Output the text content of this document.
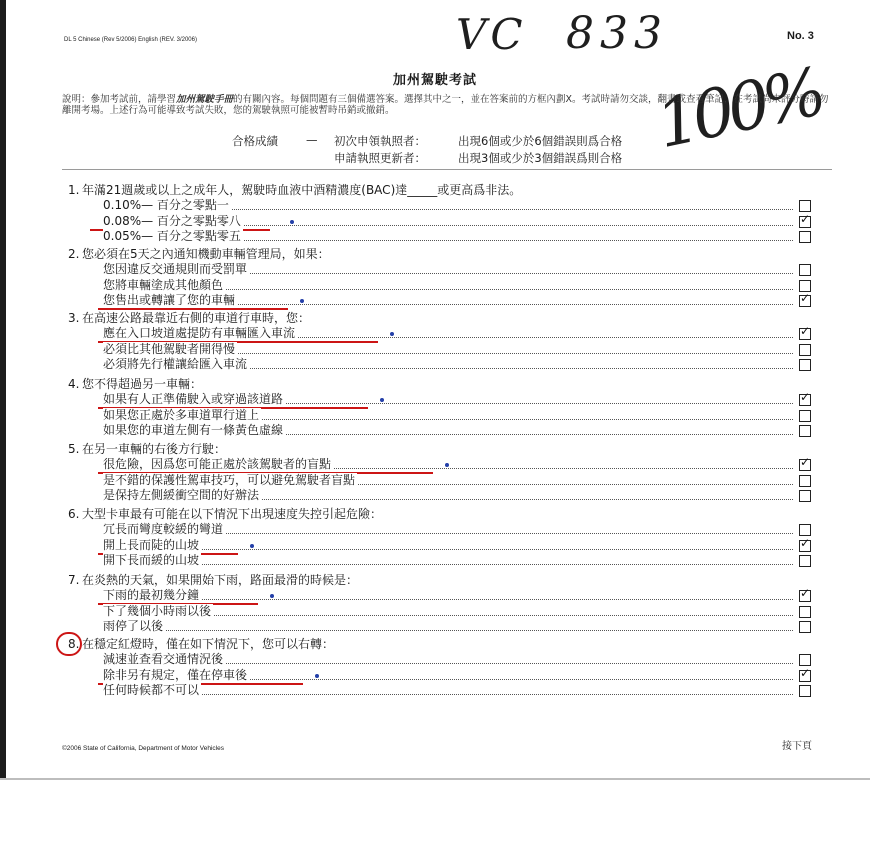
DL 5 Chinese (Rev 5/2006) English (REV. 3/2006)	No. 3
VC 833
100%
加州駕駛考試
說明：參加考試前，請學習加州駕駛手冊的有關內容。每個問題有三個備選答案。選擇其中之一，並在答案前的方框內劃X。考試時請勿交談，翻書或查看筆記，在考試尚未評分時請勿離開考場。上述行為可能導致考試失敗，您的駕駛執照可能被暫時吊銷或撤銷。
合格成績 — 初次申領執照者：	出現6個或少於6個錯誤則爲合格
申請執照更新者：	出現3個或少於3個錯誤爲則合格
1. 年滿21週歲或以上之成年人，駕駛時血液中酒精濃度(BAC)達_____或更高爲非法。
0.10%— 百分之零點一
0.08%— 百分之零點零八
✓
0.05%— 百分之零點零五
2. 您必須在5天之內通知機動車輛管理局，如果：
您因違反交通規則而受罰單
您將車輛塗成其他顏色
您售出或轉讓了您的車輛
✓
3. 在高速公路最靠近右側的車道行車時，您：
應在入口坡道處提防有車輛匯入車流
✓
必須比其他駕駛者開得慢
必須將先行權讓給匯入車流
4. 您不得超過另一車輛：
如果有人正準備駛入或穿過該道路
✓
如果您正處於多車道單行道上
如果您的車道左側有一條黃色虛線
5. 在另一車輛的右後方行駛：
很危險，因爲您可能正處於該駕駛者的盲點
✓
是不錯的保護性駕車技巧，可以避免駕駛者盲點
是保持左側緩衝空間的好辦法
6. 大型卡車最有可能在以下情況下出現速度失控引起危險：
冗長而彎度較緩的彎道
開上長而陡的山坡
✓
開下長而緩的山坡
7. 在炎熱的天氣，如果開始下雨，路面最滑的時候是：
下雨的最初幾分鐘
✓
下了幾個小時雨以後
雨停了以後
8. 在穩定紅燈時，僅在如下情況下，您可以右轉：
減速並查看交通情況後
除非另有規定，僅在停車後
✓
任何時候都不可以
©2006 State of California, Department of Motor Vehicles	接下頁
